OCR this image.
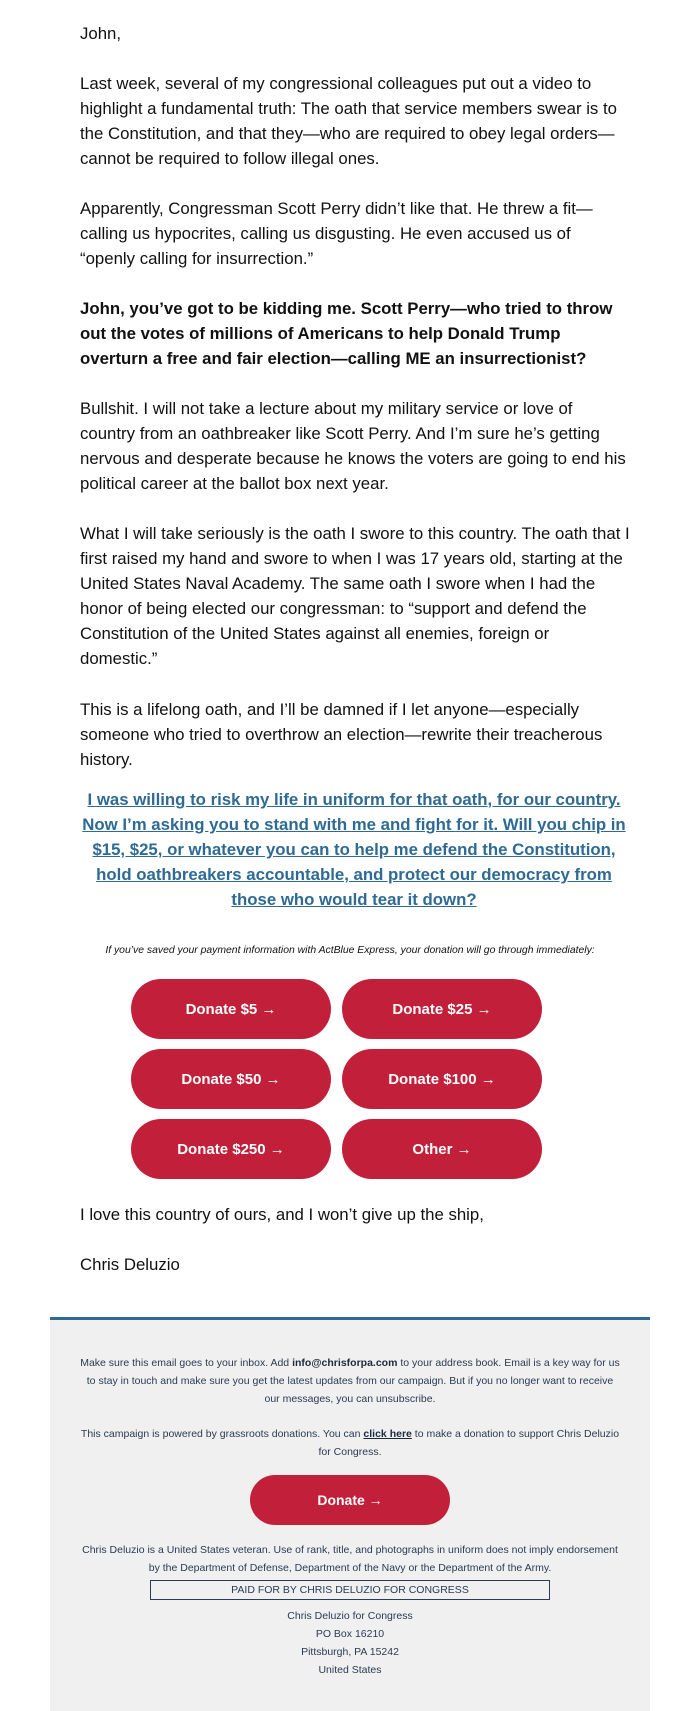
John,

Last week, several of my congressional colleagues put out a video to highlight a fundamental truth: The oath that service members swear is to the Constitution, and that they—who are required to obey legal orders—cannot be required to follow illegal ones.

Apparently, Congressman Scott Perry didn’t like that. He threw a fit—calling us hypocrites, calling us disgusting. He even accused us of “openly calling for insurrection.”

John, you’ve got to be kidding me. Scott Perry—who tried to throw out the votes of millions of Americans to help Donald Trump overturn a free and fair election—calling ME an insurrectionist?

Bullshit. I will not take a lecture about my military service or love of country from an oathbreaker like Scott Perry. And I’m sure he’s getting nervous and desperate because he knows the voters are going to end his political career at the ballot box next year.

What I will take seriously is the oath I swore to this country. The oath that I first raised my hand and swore to when I was 17 years old, starting at the United States Naval Academy. The same oath I swore when I had the honor of being elected our congressman: to “support and defend the Constitution of the United States against all enemies, foreign or domestic.”

This is a lifelong oath, and I’ll be damned if I let anyone—especially someone who tried to overthrow an election—rewrite their treacherous history.

I was willing to risk my life in uniform for that oath, for our country. Now I’m asking you to stand with me and fight for it. Will you chip in $15, $25, or whatever you can to help me defend the Constitution, hold oathbreakers accountable, and protect our democracy from those who would tear it down?

If you’ve saved your payment information with ActBlue Express, your donation will go through immediately:

Donate $5 →	Donate $25 →
Donate $50 →	Donate $100 →
Donate $250 →	Other →

I love this country of ours, and I won’t give up the ship,

Chris Deluzio

Make sure this email goes to your inbox. Add info@chrisforpa.com to your address book. Email is a key way for us to stay in touch and make sure you get the latest updates from our campaign. But if you no longer want to receive our messages, you can unsubscribe.

This campaign is powered by grassroots donations. You can click here to make a donation to support Chris Deluzio for Congress.

Donate →

Chris Deluzio is a United States veteran. Use of rank, title, and photographs in uniform does not imply endorsement by the Department of Defense, Department of the Navy or the Department of the Army.

PAID FOR BY CHRIS DELUZIO FOR CONGRESS
Chris Deluzio for Congress
PO Box 16210
Pittsburgh, PA 15242
United States
